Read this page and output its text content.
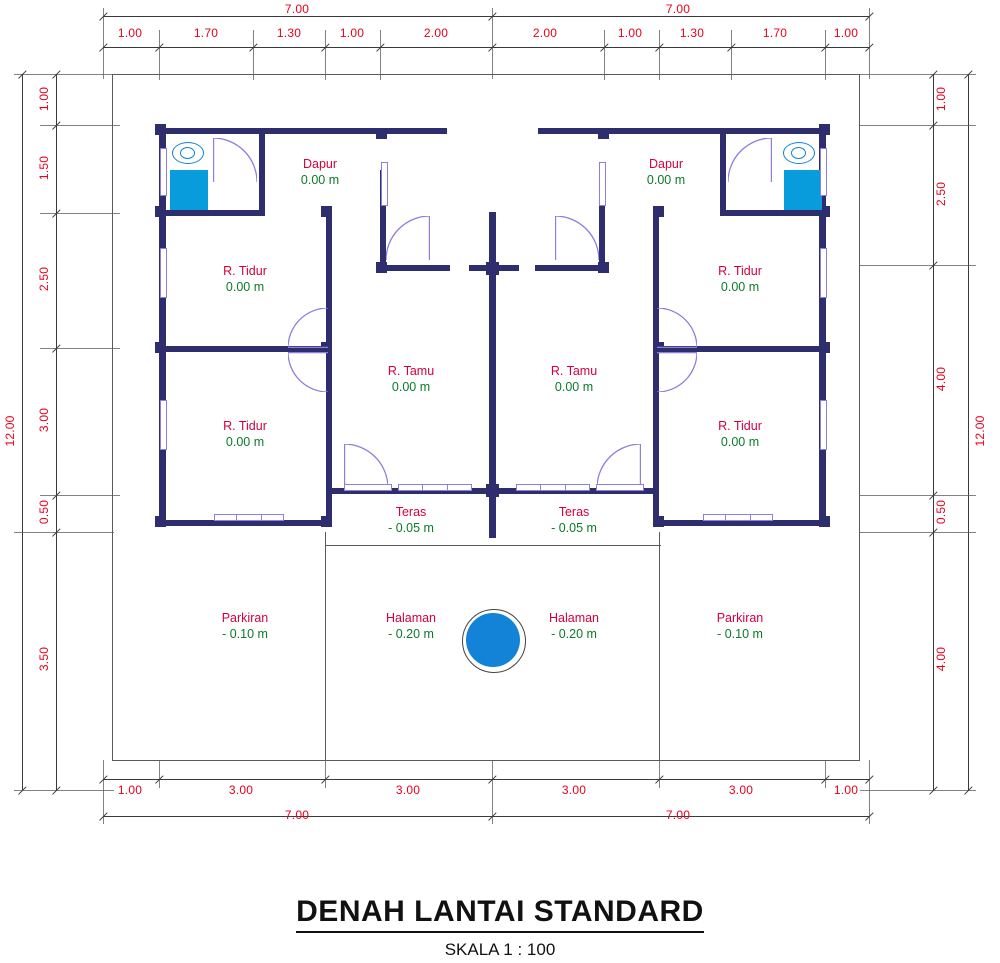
Dapur
0.00 m
Dapur
0.00 m
R. Tidur
0.00 m
R. Tidur
0.00 m
R. Tamu
0.00 m
R. Tamu
0.00 m
R. Tidur
0.00 m
R. Tidur
0.00 m
Teras
- 0.05 m
Teras
- 0.05 m
Parkiran
- 0.10 m
Parkiran
- 0.10 m
Halaman
- 0.20 m
Halaman
- 0.20 m
7.00	7.00
1.00	1.70	1.30	1.00	2.00	2.00	1.00	1.30	1.70	1.00
1.00	3.00	3.00	3.00	3.00	1.00
7.00	7.00
1.00
1.50
2.50
3.00
0.50
3.50
12.00
1.00
2.50
4.00
0.50
4.00
12.00
DENAH LANTAI STANDARD
SKALA 1 : 100
